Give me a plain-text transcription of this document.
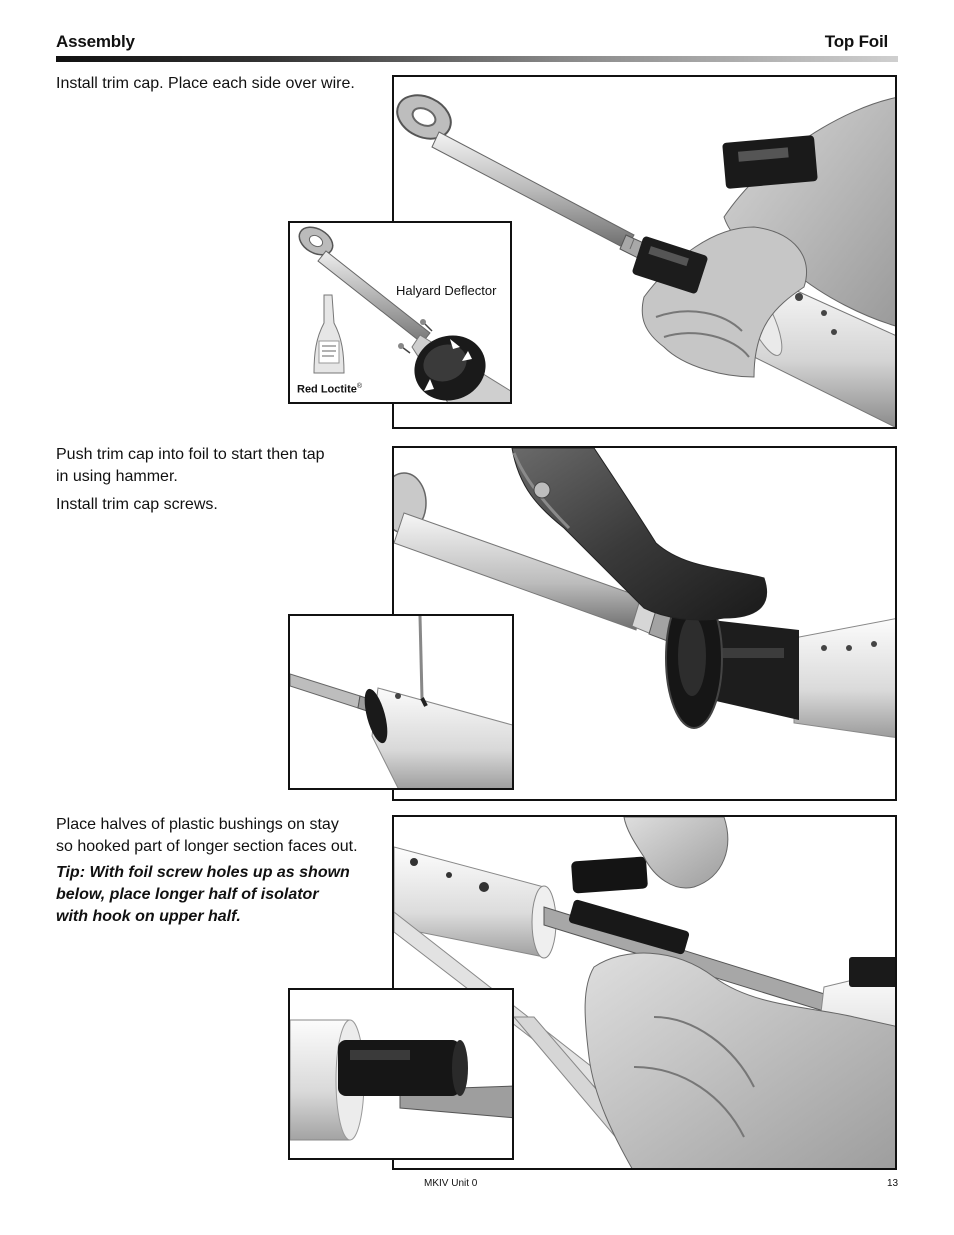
Assembly	Top Foil
Install trim cap. Place each side over wire.
Halyard Deflector
Red Loctite®
Push trim cap into foil to start then tap
in using hammer.
Install trim cap screws.
Place halves of plastic bushings on stay
so hooked part of longer section faces out.
Tip: With foil screw holes up as shown
below, place longer half of isolator
with hook on upper half.
MKIV Unit 0	13
